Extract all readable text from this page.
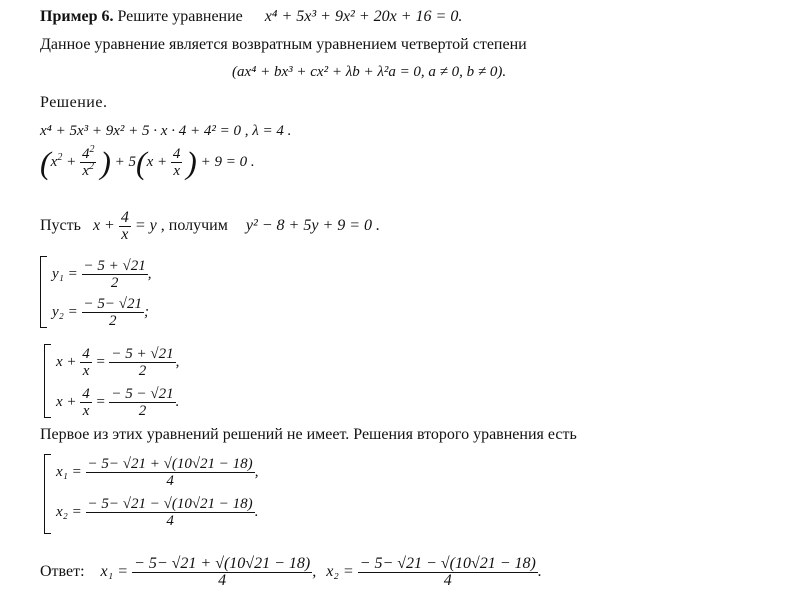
Пример 6. Решите уравнение x⁴ + 5x³ + 9x² + 20x + 16 = 0.
Данное уравнение является возвратным уравнением четвертой степени
(ax⁴ + bx³ + cx² + λb + λ²a = 0, a ≠ 0, b ≠ 0).
Решение.
x⁴ + 5x³ + 9x² + 5 · x · 4 + 4² = 0 , λ = 4 .
($x^2 + \frac{4^2}{x^2}$ ) + $5(x + \frac{4}{x}$ ) + 9 = 0 .
Пусть $x + \frac{4}{x} = y$ , получим y² − 8 + 5y + 9 = 0 .
$y_1 = \frac{- 5 + √21}{2}$ ,
$y_2 = \frac{- 5- √21}{2}$ ;
$x + \frac{4}{x} = \frac{- 5 + √21}{2}$ ,
$x + \frac{4}{x} = \frac{- 5 - √21}{2}$ .
Первое из этих уравнений решений не имеет. Решения второго уравнения есть
$x_1 = \frac{- 5- √21 + √(10√21 - 18)}{4}$ ,
$x_2 = \frac{- 5- √21 - √(10√21 - 18)}{4}$ .
Ответ: $x_1 = \frac{- 5- √21 + √(10√21 - 18)}{4}$ , $x_2 = \frac{- 5- √21 - √(10√21 - 18)}{4}$ .
